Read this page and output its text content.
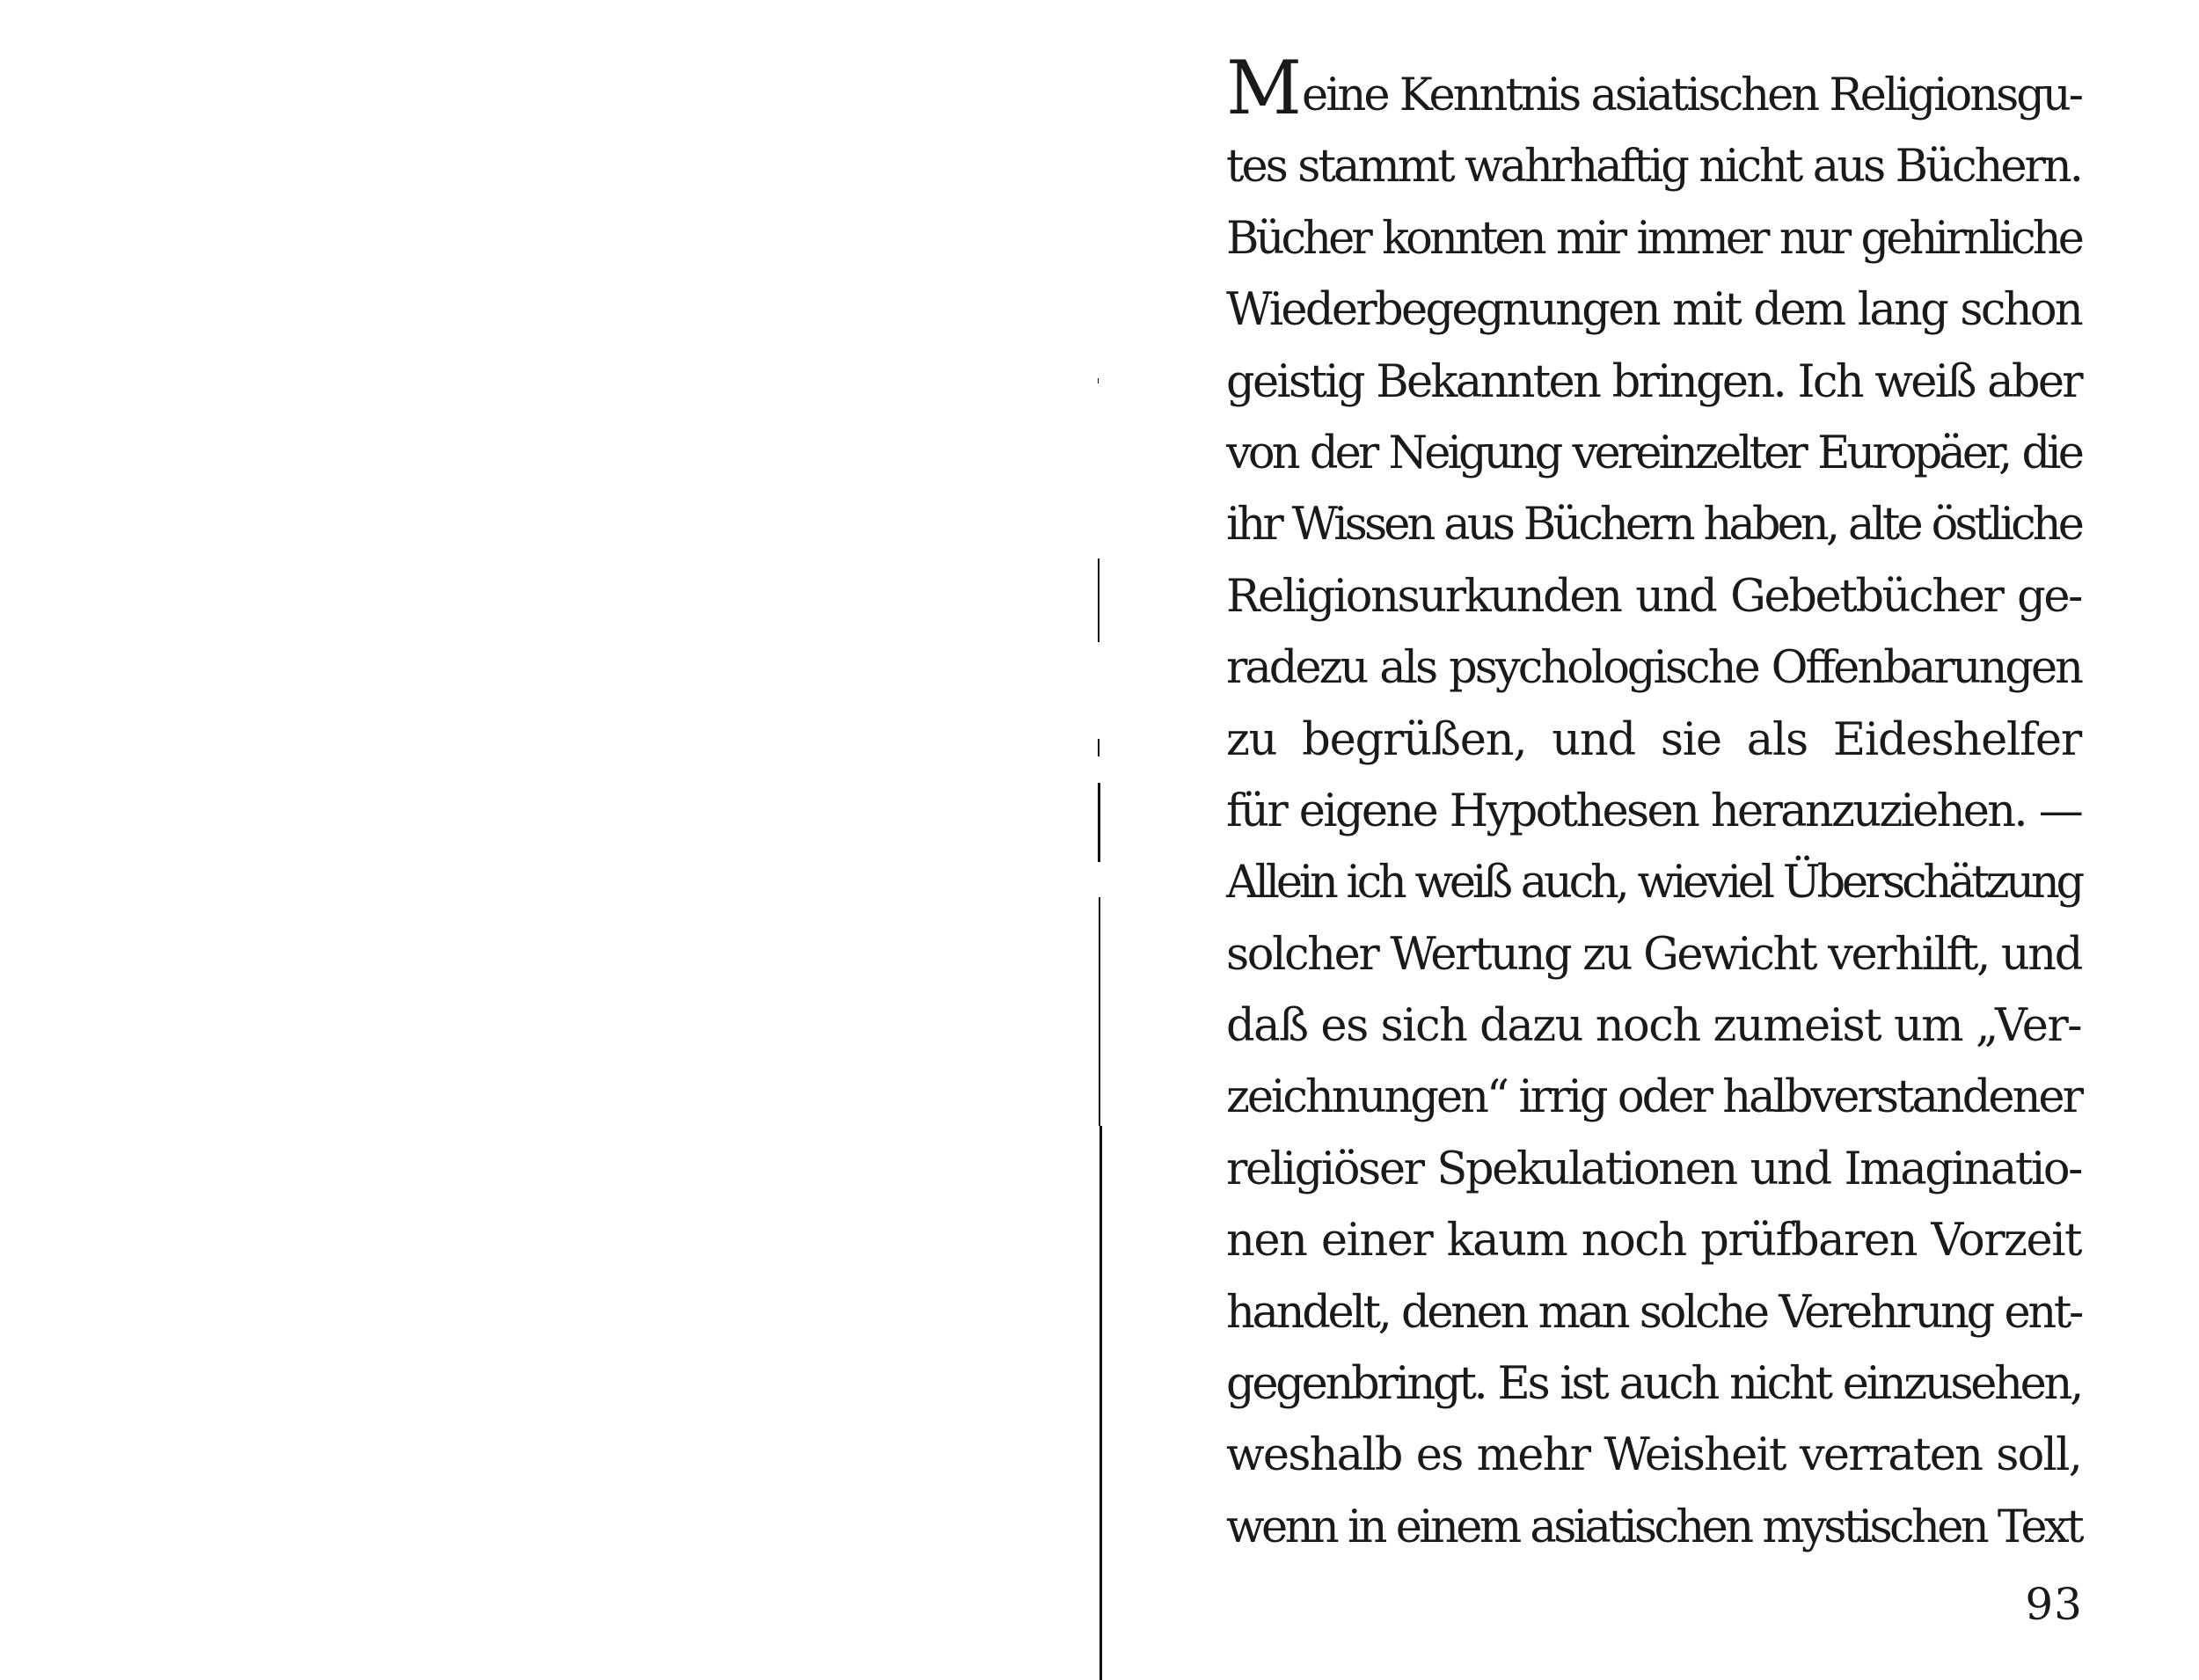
Meine Kenntnis asiatischen Religionsgu-
tes stammt wahrhaftig nicht aus Büchern.
Bücher konnten mir immer nur gehirnliche
Wiederbegegnungen mit dem lang schon
geistig Bekannten bringen. Ich weiß aber
von der Neigung vereinzelter Europäer, die
ihr Wissen aus Büchern haben, alte östliche
Religionsurkunden und Gebetbücher ge-
radezu als psychologische Offenbarungen
zu begrüßen, und sie als Eideshelfer
für eigene Hypothesen heranzuziehen. —
Allein ich weiß auch, wieviel Überschätzung
solcher Wertung zu Gewicht verhilft, und
daß es sich dazu noch zumeist um „Ver-
zeichnungen“ irrig oder halbverstandener
religiöser Spekulationen und Imaginatio-
nen einer kaum noch prüfbaren Vorzeit
handelt, denen man solche Verehrung ent-
gegenbringt. Es ist auch nicht einzusehen,
weshalb es mehr Weisheit verraten soll,
wenn in einem asiatischen mystischen Text
93
